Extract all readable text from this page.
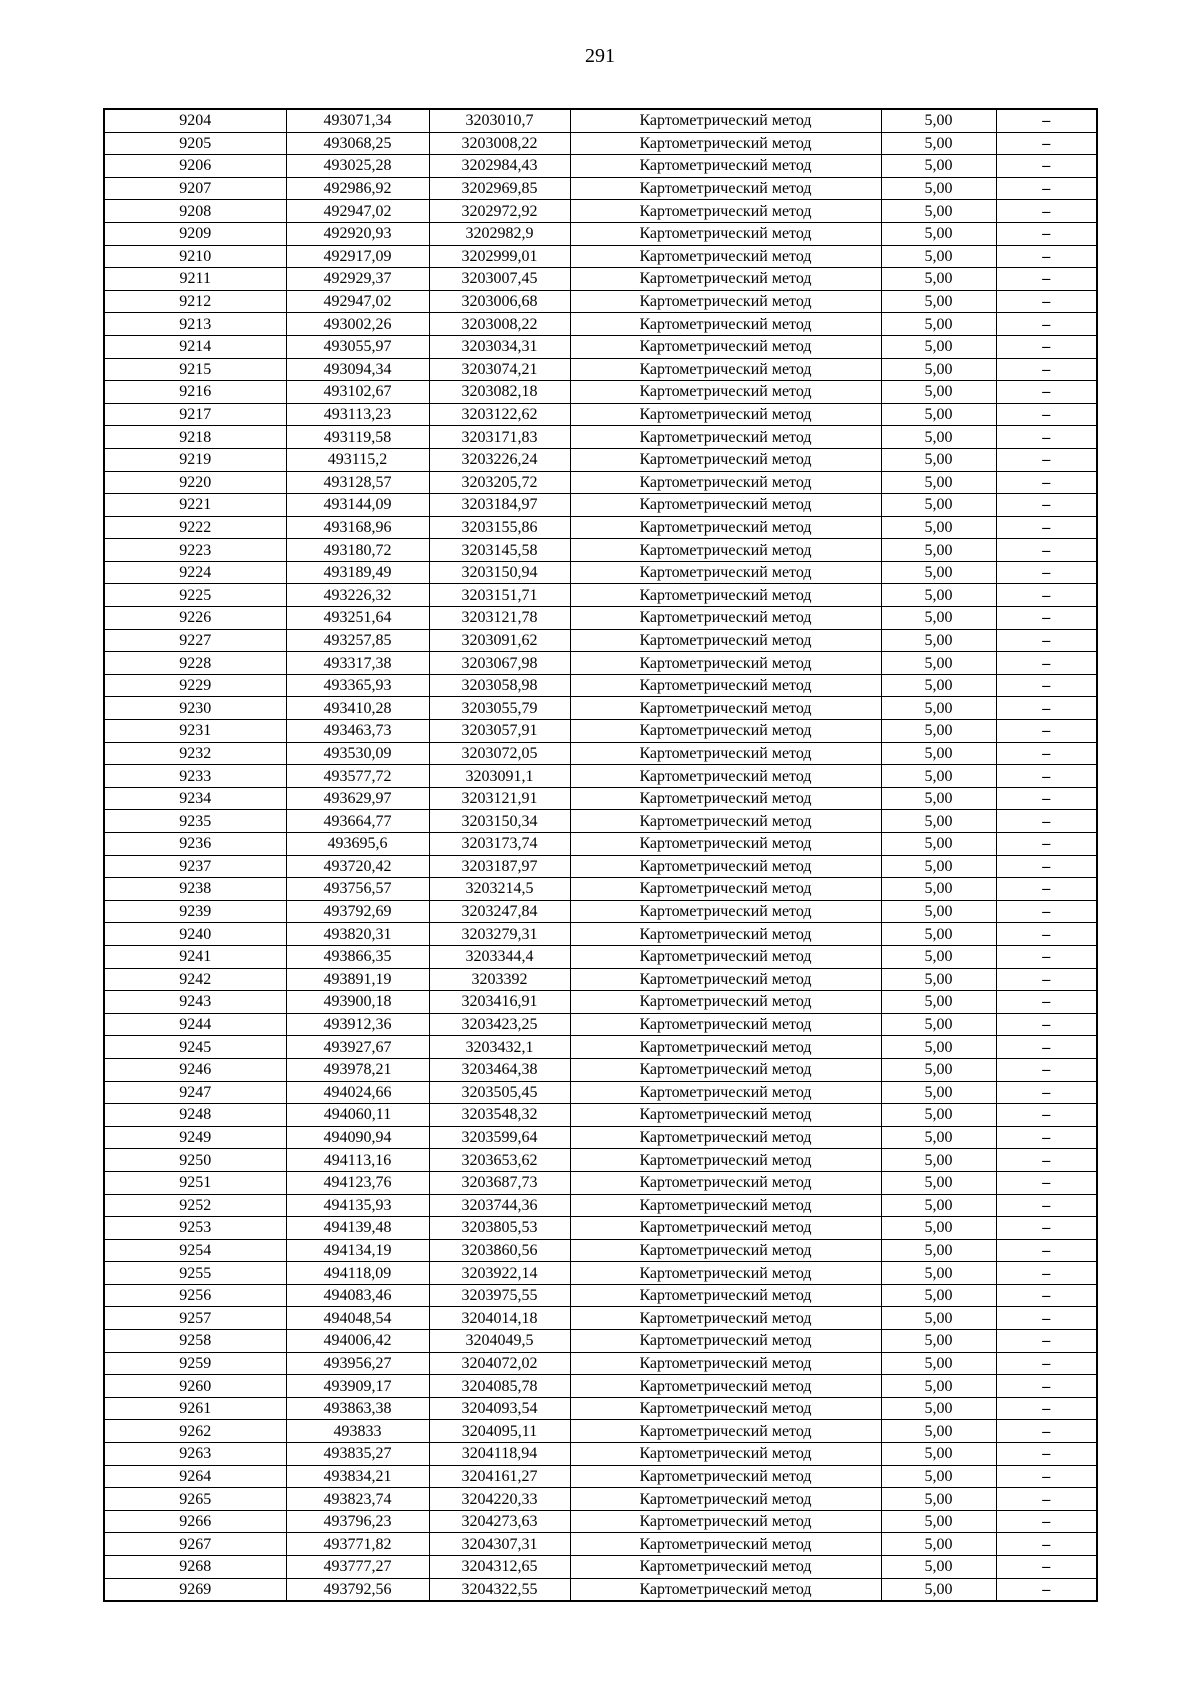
291
9204	493071,34	3203010,7	Картометрический метод	5,00	–
9205	493068,25	3203008,22	Картометрический метод	5,00	–
9206	493025,28	3202984,43	Картометрический метод	5,00	–
9207	492986,92	3202969,85	Картометрический метод	5,00	–
9208	492947,02	3202972,92	Картометрический метод	5,00	–
9209	492920,93	3202982,9	Картометрический метод	5,00	–
9210	492917,09	3202999,01	Картометрический метод	5,00	–
9211	492929,37	3203007,45	Картометрический метод	5,00	–
9212	492947,02	3203006,68	Картометрический метод	5,00	–
9213	493002,26	3203008,22	Картометрический метод	5,00	–
9214	493055,97	3203034,31	Картометрический метод	5,00	–
9215	493094,34	3203074,21	Картометрический метод	5,00	–
9216	493102,67	3203082,18	Картометрический метод	5,00	–
9217	493113,23	3203122,62	Картометрический метод	5,00	–
9218	493119,58	3203171,83	Картометрический метод	5,00	–
9219	493115,2	3203226,24	Картометрический метод	5,00	–
9220	493128,57	3203205,72	Картометрический метод	5,00	–
9221	493144,09	3203184,97	Картометрический метод	5,00	–
9222	493168,96	3203155,86	Картометрический метод	5,00	–
9223	493180,72	3203145,58	Картометрический метод	5,00	–
9224	493189,49	3203150,94	Картометрический метод	5,00	–
9225	493226,32	3203151,71	Картометрический метод	5,00	–
9226	493251,64	3203121,78	Картометрический метод	5,00	–
9227	493257,85	3203091,62	Картометрический метод	5,00	–
9228	493317,38	3203067,98	Картометрический метод	5,00	–
9229	493365,93	3203058,98	Картометрический метод	5,00	–
9230	493410,28	3203055,79	Картометрический метод	5,00	–
9231	493463,73	3203057,91	Картометрический метод	5,00	–
9232	493530,09	3203072,05	Картометрический метод	5,00	–
9233	493577,72	3203091,1	Картометрический метод	5,00	–
9234	493629,97	3203121,91	Картометрический метод	5,00	–
9235	493664,77	3203150,34	Картометрический метод	5,00	–
9236	493695,6	3203173,74	Картометрический метод	5,00	–
9237	493720,42	3203187,97	Картометрический метод	5,00	–
9238	493756,57	3203214,5	Картометрический метод	5,00	–
9239	493792,69	3203247,84	Картометрический метод	5,00	–
9240	493820,31	3203279,31	Картометрический метод	5,00	–
9241	493866,35	3203344,4	Картометрический метод	5,00	–
9242	493891,19	3203392	Картометрический метод	5,00	–
9243	493900,18	3203416,91	Картометрический метод	5,00	–
9244	493912,36	3203423,25	Картометрический метод	5,00	–
9245	493927,67	3203432,1	Картометрический метод	5,00	–
9246	493978,21	3203464,38	Картометрический метод	5,00	–
9247	494024,66	3203505,45	Картометрический метод	5,00	–
9248	494060,11	3203548,32	Картометрический метод	5,00	–
9249	494090,94	3203599,64	Картометрический метод	5,00	–
9250	494113,16	3203653,62	Картометрический метод	5,00	–
9251	494123,76	3203687,73	Картометрический метод	5,00	–
9252	494135,93	3203744,36	Картометрический метод	5,00	–
9253	494139,48	3203805,53	Картометрический метод	5,00	–
9254	494134,19	3203860,56	Картометрический метод	5,00	–
9255	494118,09	3203922,14	Картометрический метод	5,00	–
9256	494083,46	3203975,55	Картометрический метод	5,00	–
9257	494048,54	3204014,18	Картометрический метод	5,00	–
9258	494006,42	3204049,5	Картометрический метод	5,00	–
9259	493956,27	3204072,02	Картометрический метод	5,00	–
9260	493909,17	3204085,78	Картометрический метод	5,00	–
9261	493863,38	3204093,54	Картометрический метод	5,00	–
9262	493833	3204095,11	Картометрический метод	5,00	–
9263	493835,27	3204118,94	Картометрический метод	5,00	–
9264	493834,21	3204161,27	Картометрический метод	5,00	–
9265	493823,74	3204220,33	Картометрический метод	5,00	–
9266	493796,23	3204273,63	Картометрический метод	5,00	–
9267	493771,82	3204307,31	Картометрический метод	5,00	–
9268	493777,27	3204312,65	Картометрический метод	5,00	–
9269	493792,56	3204322,55	Картометрический метод	5,00	–
